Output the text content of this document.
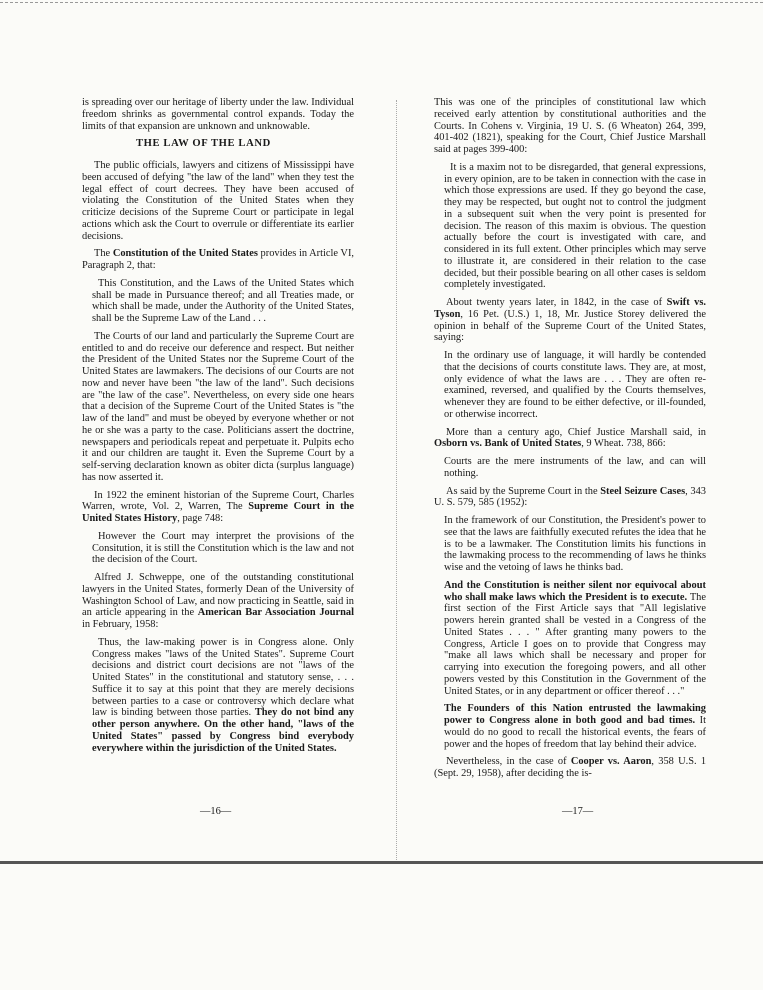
is spreading over our heritage of liberty under the law. Individual freedom shrinks as governmental control expands. Today the limits of that expansion are unknown and unknowable.

THE LAW OF THE LAND

The public officials, lawyers and citizens of Mississippi have been accused of defying "the law of the land" when they test the legal effect of court decrees. They have been accused of violating the Constitution of the United States when they criticize decisions of the Supreme Court or participate in legal actions which ask the Court to overrule or differentiate its earlier decisions.

The Constitution of the United States provides in Article VI, Paragraph 2, that:

This Constitution, and the Laws of the United States which shall be made in Pursuance thereof; and all Treaties made, or which shall be made, under the Authority of the United States, shall be the Supreme Law of the Land . . .

The Courts of our land and particularly the Supreme Court are entitled to and do receive our deference and respect. But neither the President of the United States nor the Supreme Court of the United States are lawmakers. The decisions of our Courts are not now and never have been "the law of the land". Such decisions are "the law of the case". Nevertheless, on every side one hears that a decision of the Supreme Court of the United States is "the law of the land" and must be obeyed by everyone whether or not he or she was a party to the case. Politicians assert the doctrine, newspapers and periodicals repeat and perpetuate it. Pulpits echo it and our children are taught it. Even the Supreme Court by a self-serving declaration known as obiter dicta (surplus language) has now asserted it.

In 1922 the eminent historian of the Supreme Court, Charles Warren, wrote, Vol. 2, Warren, The Supreme Court in the United States History, page 748:

However the Court may interpret the provisions of the Consitution, it is still the Constitution which is the law and not the decision of the Court.

Alfred J. Schweppe, one of the outstanding constitutional lawyers in the United States, formerly Dean of the University of Washington School of Law, and now practicing in Seattle, said in an article appearing in the American Bar Association Journal in February, 1958:

Thus, the law-making power is in Congress alone. Only Congress makes "laws of the United States". Supreme Court decisions and district court decisions are not "laws of the United States" in the constitutional and statutory sense, . . . Suffice it to say at this point that they are merely decisions between parties to a case or controversy which declare what law is binding between those parties. They do not bind any other person anywhere. On the other hand, "laws of the United States" passed by Congress bind everybody everywhere within the jurisdiction of the United States.

This was one of the principles of constitutional law which received early attention by constitutional authorities and the Courts. In Cohens v. Virginia, 19 U. S. (6 Wheaton) 264, 399, 401-402 (1821), speaking for the Court, Chief Justice Marshall said at pages 399-400:

It is a maxim not to be disregarded, that general expressions, in every opinion, are to be taken in connection with the case in which those expressions are used. If they go beyond the case, they may be respected, but ought not to control the judgment in a subsequent suit when the very point is presented for decision. The reason of this maxim is obvious. The question actually before the court is investigated with care, and considered in its full extent. Other principles which may serve to illustrate it, are considered in their relation to the case decided, but their possible bearing on all other cases is seldom completely investigated.

About twenty years later, in 1842, in the case of Swift vs. Tyson, 16 Pet. (U.S.) 1, 18, Mr. Justice Storey delivered the opinion in behalf of the Supreme Court of the United States, saying:

In the ordinary use of language, it will hardly be contended that the decisions of courts constitute laws. They are, at most, only evidence of what the laws are . . . They are often re-examined, reversed, and qualified by the Courts themselves, whenever they are found to be either defective, or ill-founded, or otherwise incorrect.

More than a century ago, Chief Justice Marshall said, in Osborn vs. Bank of United States, 9 Wheat. 738, 866:

Courts are the mere instruments of the law, and can will nothing.

As said by the Supreme Court in the Steel Seizure Cases, 343 U. S. 579, 585 (1952):

In the framework of our Constitution, the President's power to see that the laws are faithfully executed refutes the idea that he is to be a lawmaker. The Constitution limits his functions in the lawmaking process to the recommending of laws he thinks wise and the vetoing of laws he thinks bad.

And the Constitution is neither silent nor equivocal about who shall make laws which the President is to execute. The first section of the First Article says that "All legislative powers herein granted shall be vested in a Congress of the United States . . . " After granting many powers to the Congress, Article I goes on to provide that Congress may "make all laws which shall be necessary and proper for carrying into execution the foregoing powers, and all other powers vested by this Constitution in the Government of the United States, or in any department or officer thereof . . ."

The Founders of this Nation entrusted the lawmaking power to Congress alone in both good and bad times. It would do no good to recall the historical events, the fears of power and the hopes of freedom that lay behind their advice.

Nevertheless, in the case of Cooper vs. Aaron, 358 U.S. 1 (Sept. 29, 1958), after deciding the is-

—16—	—17—
